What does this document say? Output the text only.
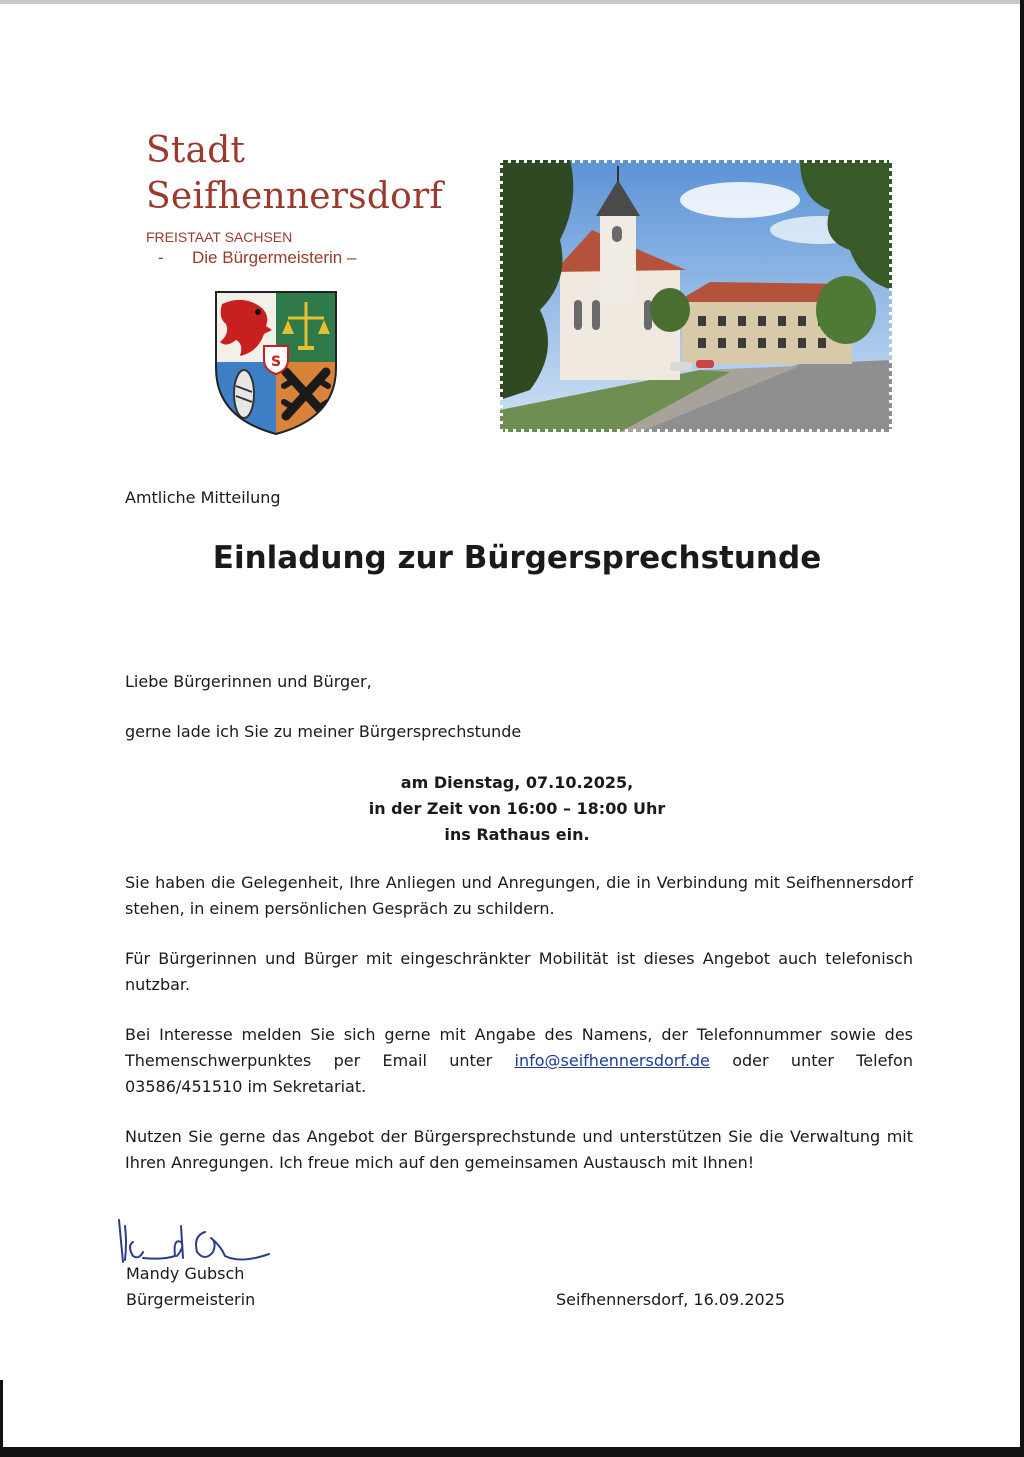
Stadt
Seifhennersdorf
FREISTAAT SACHSEN
-      Die Bürgermeisterin –
S
Amtliche Mitteilung
Einladung zur Bürgersprechstunde
Liebe Bürgerinnen und Bürger,
gerne lade ich Sie zu meiner Bürgersprechstunde
am Dienstag, 07.10.2025,
in der Zeit von 16:00 – 18:00 Uhr
ins Rathaus ein.
Sie haben die Gelegenheit, Ihre Anliegen und Anregungen, die in Verbindung mit Seifhennersdorf stehen, in einem persönlichen Gespräch zu schildern.
Für Bürgerinnen und Bürger mit eingeschränkter Mobilität ist dieses Angebot auch telefonisch nutzbar.
Bei Interesse melden Sie sich gerne mit Angabe des Namens, der Telefonnummer sowie des Themenschwerpunktes per Email unter info@seifhennersdorf.de oder unter Telefon 03586/451510 im Sekretariat.
Nutzen Sie gerne das Angebot der Bürgersprechstunde und unterstützen Sie die Verwaltung mit Ihren Anregungen. Ich freue mich auf den gemeinsamen Austausch mit Ihnen!
Mandy Gubsch
Bürgermeisterin	Seifhennersdorf, 16.09.2025
